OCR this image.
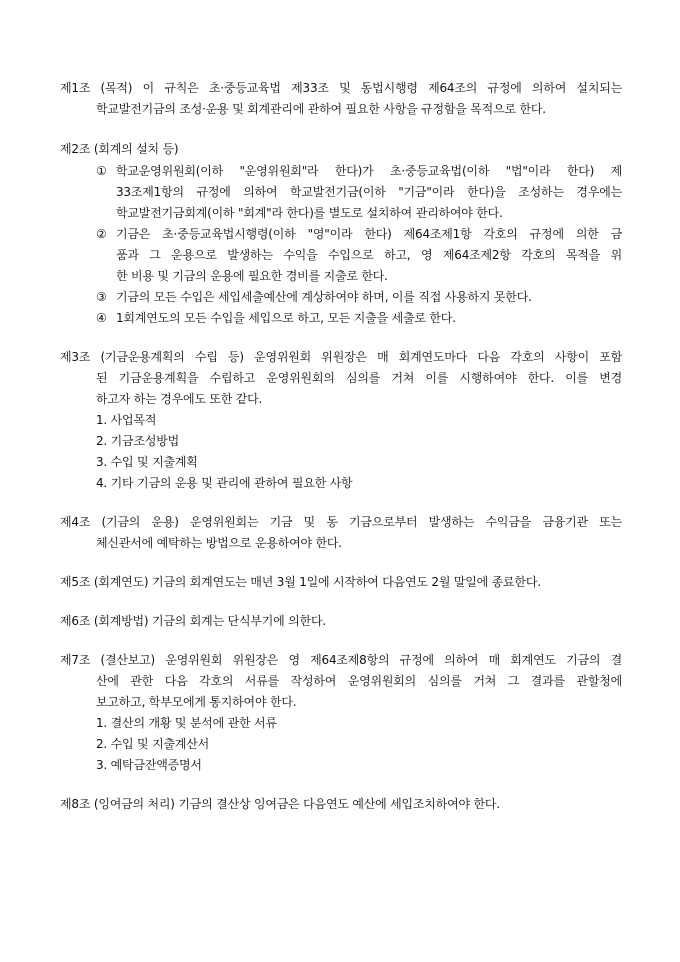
제1조 (목적) 이 규칙은 초·중등교육법 제33조 및 동법시행령 제64조의 규정에 의하여 설치되는
학교발전기금의 조성·운용 및 회계관리에 관하여 필요한 사항을 규정함을 목적으로 한다.
제2조 (회계의 설치 등)
① 학교운영위원회(이하 "운영위원회"라 한다)가 초·중등교육법(이하 "법"이라 한다) 제
33조제1항의 규정에 의하여 학교발전기금(이하 "기금"이라 한다)을 조성하는 경우에는
학교발전기금회계(이하 "회계"라 한다)를 별도로 설치하여 관리하여야 한다.
② 기금은 초·중등교육법시행령(이하 "영"이라 한다) 제64조제1항 각호의 규정에 의한 금
품과 그 운용으로 발생하는 수익을 수입으로 하고, 영 제64조제2항 각호의 목적을 위
한 비용 및 기금의 운용에 필요한 경비를 지출로 한다.
③ 기금의 모든 수입은 세입세출예산에 계상하여야 하며, 이를 직접 사용하지 못한다.
④ 1회계연도의 모든 수입을 세입으로 하고, 모든 지출을 세출로 한다.
제3조 (기금운용계획의 수립 등) 운영위원회 위원장은 매 회계연도마다 다음 각호의 사항이 포함
된 기금운용계획을 수립하고 운영위원회의 심의를 거쳐 이를 시행하여야 한다. 이를 변경
하고자 하는 경우에도 또한 같다.
1. 사업목적
2. 기금조성방법
3. 수입 및 지출계획
4. 기타 기금의 운용 및 관리에 관하여 필요한 사항
제4조 (기금의 운용) 운영위원회는 기금 및 동 기금으로부터 발생하는 수익금을 금융기관 또는
체신관서에 예탁하는 방법으로 운용하여야 한다.
제5조 (회계연도) 기금의 회계연도는 매년 3월 1일에 시작하여 다음연도 2월 말일에 종료한다.
제6조 (회계방법) 기금의 회계는 단식부기에 의한다.
제7조 (결산보고) 운영위원회 위원장은 영 제64조제8항의 규정에 의하여 매 회계연도 기금의 결
산에 관한 다음 각호의 서류를 작성하여 운영위원회의 심의를 거쳐 그 결과를 관할청에
보고하고, 학부모에게 통지하여야 한다.
1. 결산의 개황 및 분석에 관한 서류
2. 수입 및 지출계산서
3. 예탁금잔액증명서
제8조 (잉여금의 처리) 기금의 결산상 잉여금은 다음연도 예산에 세입조치하여야 한다.
